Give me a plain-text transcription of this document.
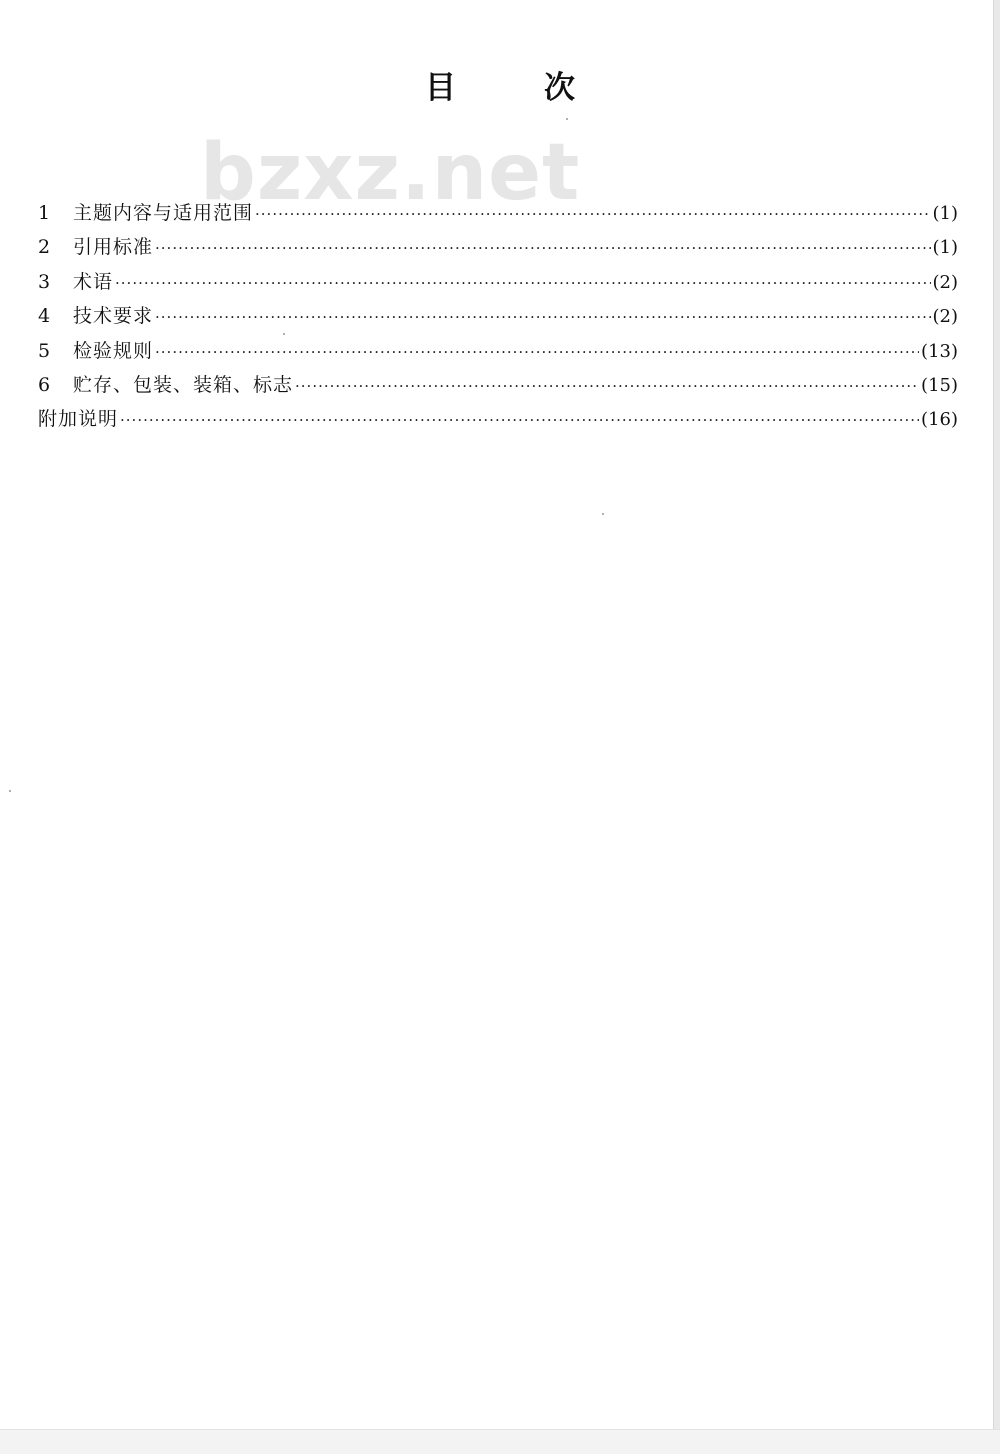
bzxz.net
目	次
1	主题内容与适用范围 ·····	(1)
2	引用标准 ·····	(1)
3	术语 ·····	(2)
4	技术要求 ·····	(2)
5	检验规则 ·····	(13)
6	贮存、包装、装箱、标志 ·····	(15)
附加说明 ·····	(16)
